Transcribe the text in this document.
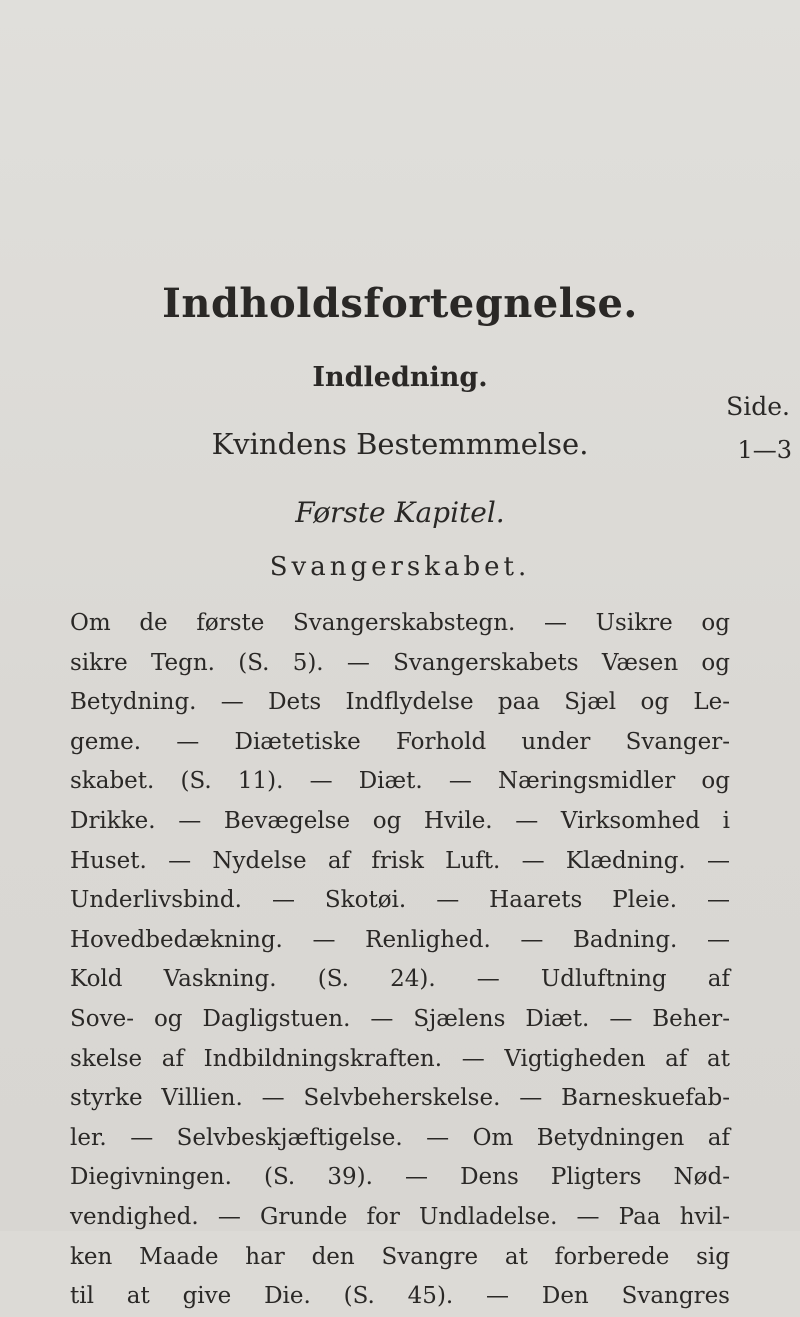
Indholdsfortegnelse.
Indledning.
Side.
Kvindens Bestemmmelse.	1—3
Første Kapitel.
Svangerskabet.
Om de første Svangerskabstegn. — Usikre og
sikre Tegn. (S. 5). — Svangerskabets Væsen og
Betydning. — Dets Indflydelse paa Sjæl og Le-
geme. — Diætetiske Forhold under Svanger-
skabet. (S. 11). — Diæt. — Næringsmidler og
Drikke. — Bevægelse og Hvile. — Virksomhed i
Huset. — Nydelse af frisk Luft. — Klædning. —
Underlivsbind. — Skotøi. — Haarets Pleie. —
Hovedbedækning. — Renlighed. — Badning. —
Kold Vaskning. (S. 24). — Udluftning af
Sove- og Dagligstuen. — Sjælens Diæt. — Beher-
skelse af Indbildningskraften. — Vigtigheden af at
styrke Villien. — Selvbeherskelse. — Barneskuefab-
ler. — Selvbeskjæftigelse. — Om Betydningen af
Diegivningen. (S. 39). — Dens Pligters Nød-
vendighed. — Grunde for Undladelse. — Paa hvil-
ken Maade har den Svangre at forberede sig
til at give Die. (S. 45). — Den Svangres
